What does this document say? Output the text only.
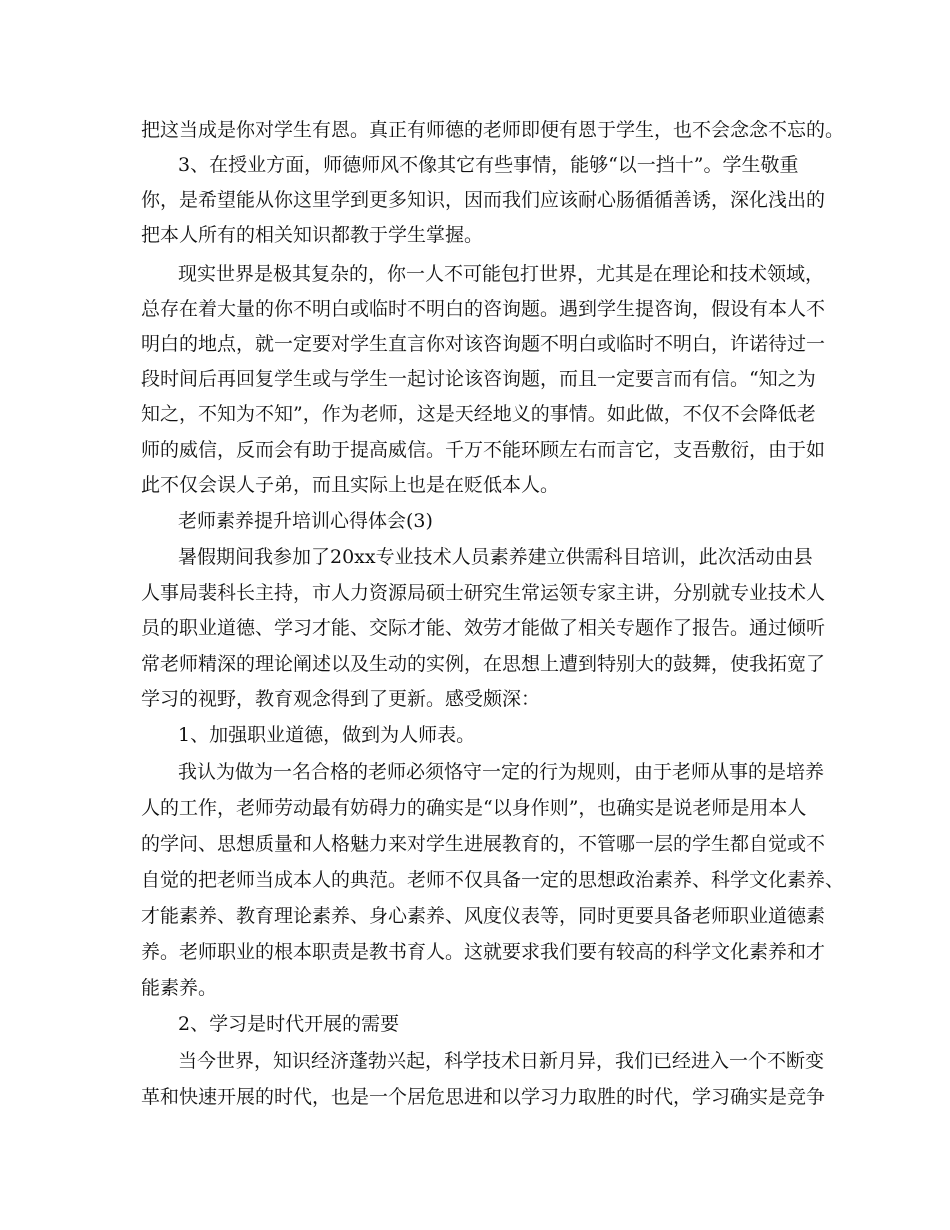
把这当成是你对学生有恩。真正有师德的老师即便有恩于学生，也不会念念不忘的。
3、在授业方面，师德师风不像其它有些事情，能够“以一挡十”。学生敬重
你，是希望能从你这里学到更多知识，因而我们应该耐心肠循循善诱，深化浅出的
把本人所有的相关知识都教于学生掌握。
现实世界是极其复杂的，你一人不可能包打世界，尤其是在理论和技术领域，
总存在着大量的你不明白或临时不明白的咨询题。遇到学生提咨询，假设有本人不
明白的地点，就一定要对学生直言你对该咨询题不明白或临时不明白，许诺待过一
段时间后再回复学生或与学生一起讨论该咨询题，而且一定要言而有信。“知之为
知之，不知为不知”，作为老师，这是天经地义的事情。如此做，不仅不会降低老
师的威信，反而会有助于提高威信。千万不能环顾左右而言它，支吾敷衍，由于如
此不仅会误人子弟，而且实际上也是在贬低本人。
老师素养提升培训心得体会(3)
暑假期间我参加了20xx专业技术人员素养建立供需科目培训，此次活动由县
人事局裴科长主持，市人力资源局硕士研究生常运领专家主讲，分别就专业技术人
员的职业道德、学习才能、交际才能、效劳才能做了相关专题作了报告。通过倾听
常老师精深的理论阐述以及生动的实例，在思想上遭到特别大的鼓舞，使我拓宽了
学习的视野，教育观念得到了更新。感受颇深：
1、加强职业道德，做到为人师表。
我认为做为一名合格的老师必须恪守一定的行为规则，由于老师从事的是培养
人的工作，老师劳动最有妨碍力的确实是“以身作则”，也确实是说老师是用本人
的学问、思想质量和人格魅力来对学生进展教育的，不管哪一层的学生都自觉或不
自觉的把老师当成本人的典范。老师不仅具备一定的思想政治素养、科学文化素养、
才能素养、教育理论素养、身心素养、风度仪表等，同时更要具备老师职业道德素
养。老师职业的根本职责是教书育人。这就要求我们要有较高的科学文化素养和才
能素养。
2、学习是时代开展的需要
当今世界，知识经济蓬勃兴起，科学技术日新月异，我们已经进入一个不断变
革和快速开展的时代，也是一个居危思进和以学习力取胜的时代，学习确实是竞争
